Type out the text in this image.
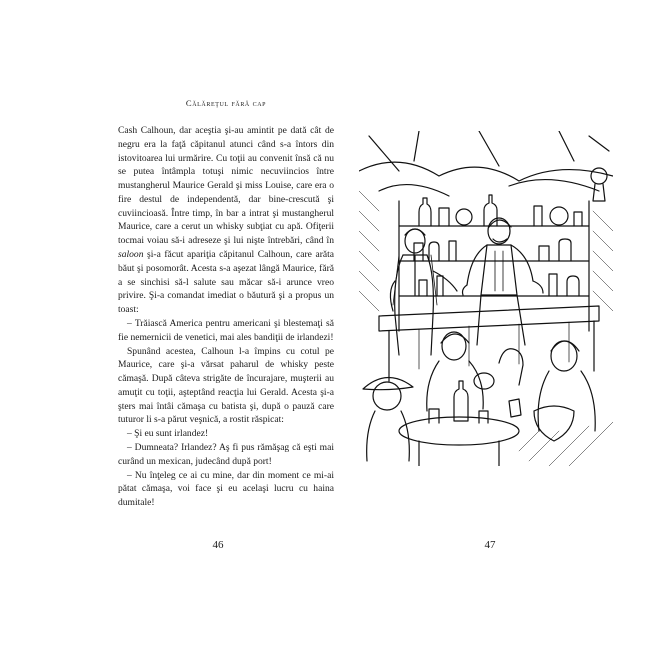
Călăreţul fără cap

Cash Calhoun, dar aceştia şi-au amintit pe dată cât de negru era la faţă căpitanul atunci când s-a întors din istovitoarea lui urmărire. Cu toţii au convenit însă că nu se putea întâmpla totuşi nimic necuviincios între mustangherul Maurice Gerald şi miss Louise, care era o fire destul de independentă, dar bine-crescută şi cuviincioasă. Între timp, în bar a intrat şi mustangherul Maurice, care a cerut un whisky subţiat cu apă. Ofiţerii tocmai voiau să-i adreseze şi lui nişte întrebări, când în saloon şi-a făcut apariţia căpitanul Calhoun, care arăta băut şi posomorât. Acesta s-a aşezat lângă Maurice, fără a se sinchisi să-l salute sau măcar să-i arunce vreo privire. Şi-a comandat imediat o băutură şi a propus un toast:

– Trăiască America pentru americani şi blestemaţi să fie nemernicii de venetici, mai ales bandiţii de irlandezi!

Spunând acestea, Calhoun l-a împins cu cotul pe Maurice, care şi-a vărsat paharul de whisky peste cămaşă. După câteva strigăte de încurajare, muşterii au amuţit cu toţii, aşteptând reacţia lui Gerald. Acesta şi-a şters mai întâi cămaşa cu batista şi, după o pauză care tuturor li s-a părut veşnică, a rostit răspicat:

– Şi eu sunt irlandez!

– Dumneata? Irlandez? Aş fi pus rămăşag că eşti mai curând un mexican, judecând după port!

– Nu înţeleg ce ai cu mine, dar din moment ce mi-ai pătat cămaşa, voi face şi eu acelaşi lucru cu haina dumitale!

46	47
